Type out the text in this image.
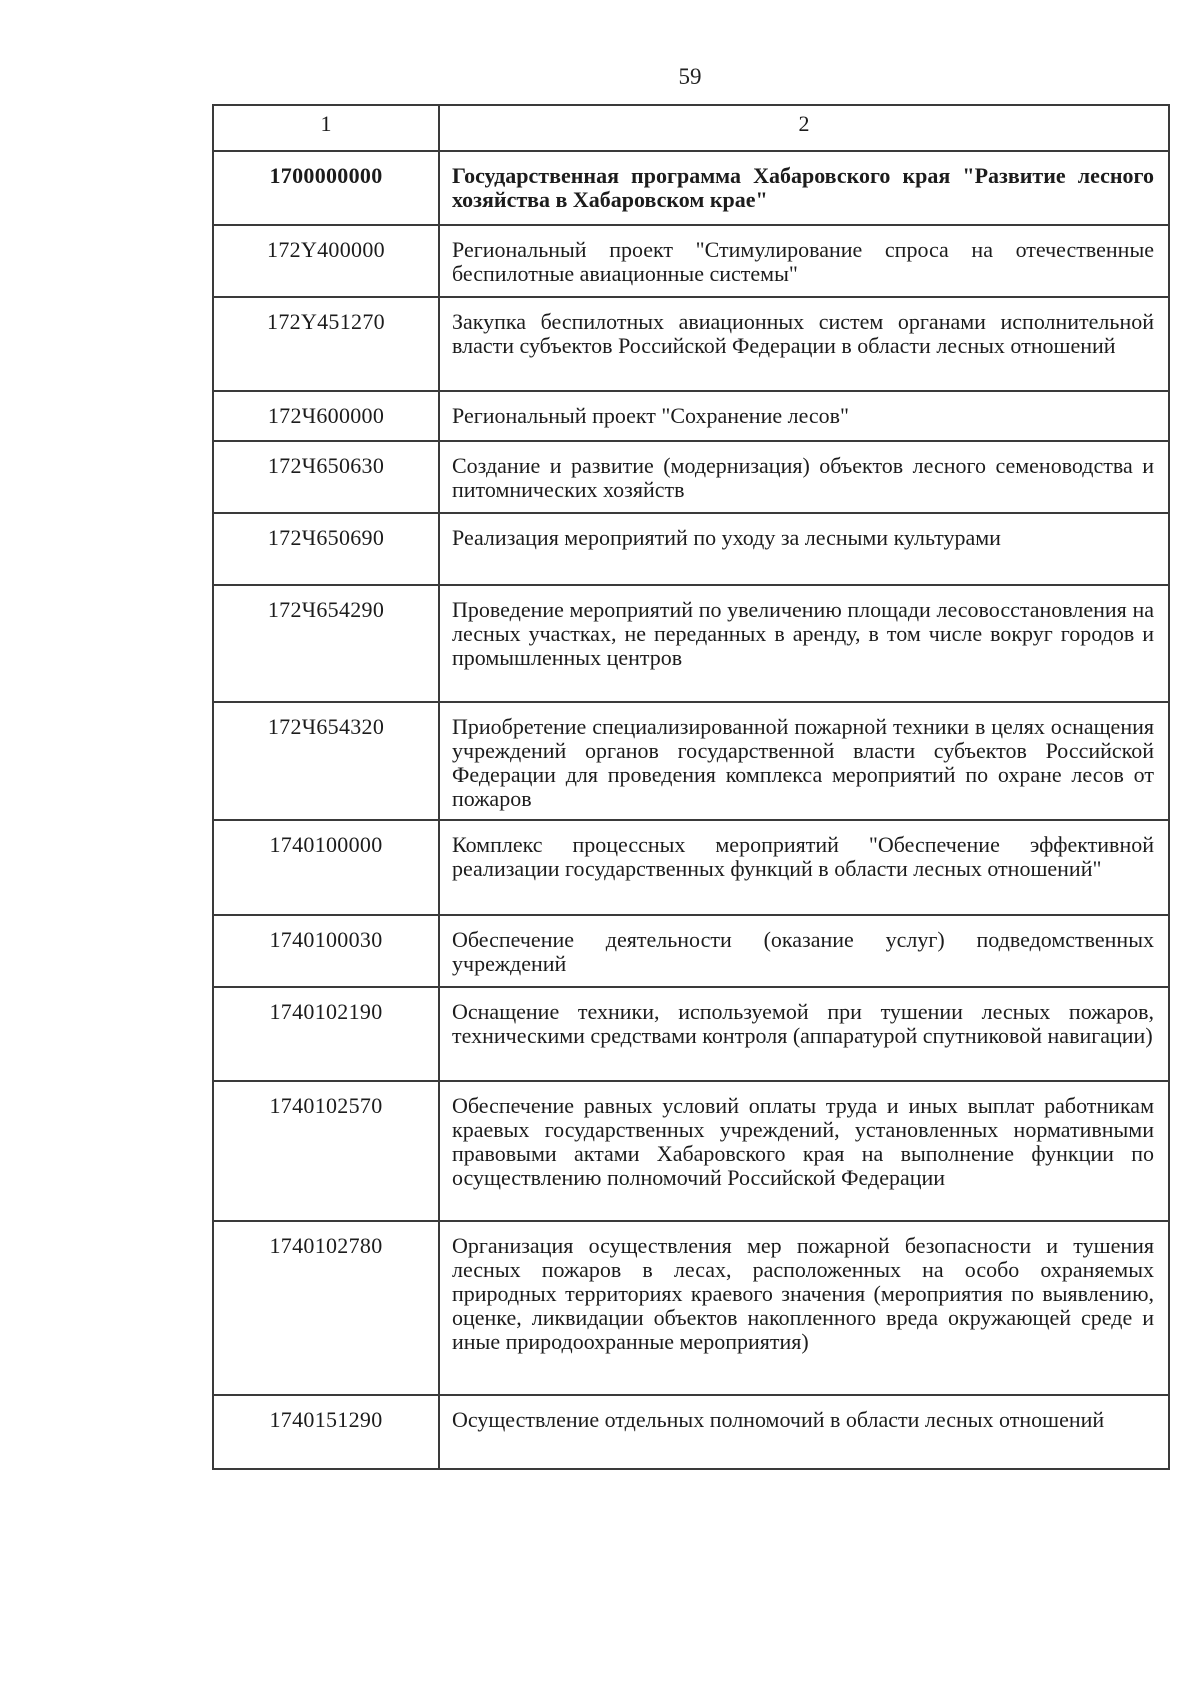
59
1	2
1700000000	Государственная программа Хабаровского края "Развитие лесного хозяйства в Хабаровском крае"
172Y400000	Региональный проект "Стимулирование спроса на отечественные беспилотные авиационные системы"
172Y451270	Закупка беспилотных авиационных систем органами исполнительной власти субъектов Российской Федерации в области лесных отношений
172Ч600000	Региональный проект "Сохранение лесов"
172Ч650630	Создание и развитие (модернизация) объектов лесного семеноводства и питомнических хозяйств
172Ч650690	Реализация мероприятий по уходу за лесными культурами
172Ч654290	Проведение мероприятий по увеличению площади лесовосстановления на лесных участках, не переданных в аренду, в том числе вокруг городов и промышленных центров
172Ч654320	Приобретение специализированной пожарной техники в целях оснащения учреждений органов государственной власти субъектов Российской Федерации для проведения комплекса мероприятий по охране лесов от пожаров
1740100000	Комплекс процессных мероприятий "Обеспечение эффективной реализации государственных функций в области лесных отношений"
1740100030	Обеспечение деятельности (оказание услуг) подведомственных учреждений
1740102190	Оснащение техники, используемой при тушении лесных пожаров, техническими средствами контроля (аппаратурой спутниковой навигации)
1740102570	Обеспечение равных условий оплаты труда и иных выплат работникам краевых государственных учреждений, установленных нормативными правовыми актами Хабаровского края на выполнение функции по осуществлению полномочий Российской Федерации
1740102780	Организация осуществления мер пожарной безопасности и тушения лесных пожаров в лесах, расположенных на особо охраняемых природных территориях краевого значения (мероприятия по выявлению, оценке, ликвидации объектов накопленного вреда окружающей среде и иные природоохранные мероприятия)
1740151290	Осуществление отдельных полномочий в области лесных отношений
